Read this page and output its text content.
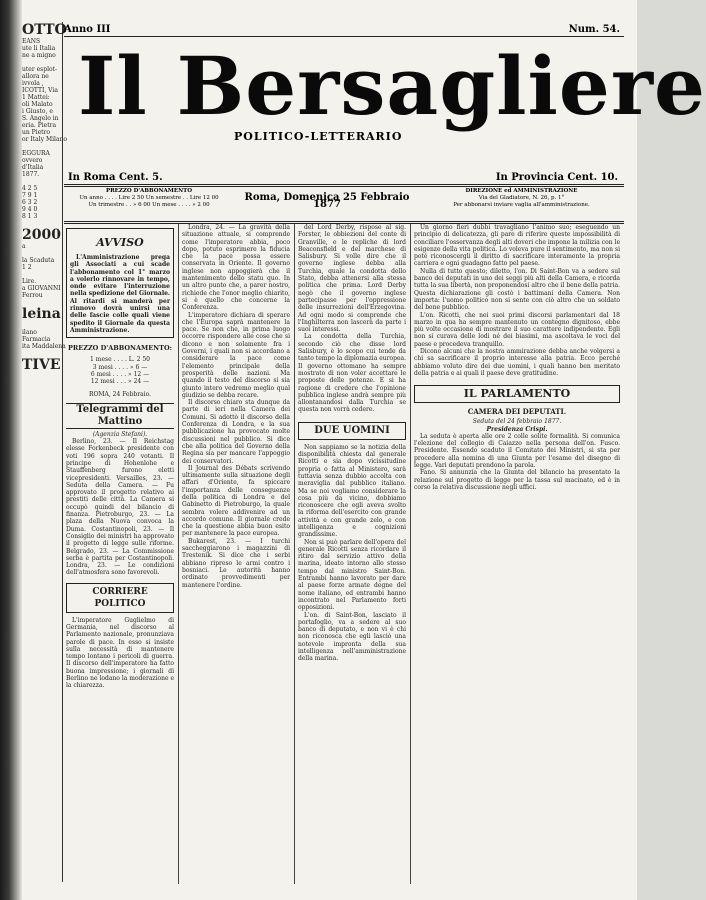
OTTO
EANS
ute li Italia
ne a migno

uter esplot-
allora ne
ivvola ,
ICOTTI, Via
1 Mattei:
oli Malato
i Giusto, e
S. Angelo in
eria. Pietra
un Pietro
or Italy Milano

EGGURA
ovvero
d'Italia
1877.

4 2 5
7 9 1
6 3 2
9 4 0
8 1 3

2000
a

la Scaduta
1 2

Lire.
a GIOVANNI
Ferrou

leina

ilano
Farmacia
ita Maddalena

TIVE
Anno III	Num. 54.
Il Bersagliere
POLITICO-LETTERARIO
In Roma Cent. 5.	In Provincia Cent. 10.
PREZZO D'ABBONAMENTO
Un anno . . . . Lire 2 50 Un semestre . . Lire 12 00
Un trimestre . . » 6 00 Un mese . . . . » 2 00
Roma, Domenica 25 Febbraio 1877
DIREZIONE ed AMMINISTRAZIONE
Via del Gladiatore, N. 26, p. 1°
Per abbonarsi inviare vaglia all'amministrazione.
AVVISO

L'Amministrazione prega gli Associati a cui scade l'abbonamento col 1° marzo a volerlo rinnovare in tempo, onde evitare l'interruzione nella spedizione del Giornale. Al ritardi si manderà per rinnovo dovrà unirsi una delle fascie colle quali viene spedito il Giornale da questa Amministrazione.

PREZZO D'ABBONAMENTO:
1 mese . . . . L. 2 50
3 mesi . . . . » 6 —
6 mesi . . . . » 12 —
12 mesi . . . » 24 —
ROMA, 24 Febbraio.
Telegrammi del Mattino
(Agenzia Stefani).

Berlino, 23. — Il Reichstag elesse Forkenbeck presidente con voti 196 sopra 240 votanti. Il principe di Hohenlohe e Stauffenberg furono eletti vicepresidenti. Versailles, 23. — Seduta della Camera. — Fu approvato il progetto relativo ai prestiti delle città. La Camera si occupò quindi del bilancio di finanza. Pietroburgo, 23. — La plaza della Nuova convoca la Duma. Costantinopoli, 23. — Il Consiglio dei ministri ha approvato il progetto di legge sulle riforme. Belgrado, 23. — La Commissione serba è partita per Costantinopoli. Londra, 23. — Le condizioni dell'atmosfera sono favorevoli.

CORRIERE POLITICO

L'imperatore Guglielmo di Germania, nel discorso al Parlamento nazionale, pronunziava parole di pace. In esso si insiste sulla necessità di mantenere tempo lontano i pericoli di guerra. Il discorso dell'imperatore ha fatto buona impressione; i giornali di Berlino ne lodano la moderazione e la chiarezza.

Londra, 24. — La gravità della situazione attuale, si comprende come l'imperatore abbia, poco dopo, potuto esprimere la fiducia che la pace possa essere conservata in Oriente. Il governo inglese non appoggierà che il mantenimento dello statu quo. In un altro punto che, a parer nostro, richiede che l'onor meglio chiarito, si è quello che concerne la Conferenza.

L'imperatore dichiara di sperare che l'Europa saprà mantenere la pace. Se non che, in prima luogo occorre rispondere alle cose che si dicono e non solamente fra i Governi, i quali non si accordano a considerare la pace come l'elemento principale della prosperità delle nazioni. Ma quando il testo del discorso si sia giunto intero vedremo meglio qual giudizio se debba recare.

Il discorso chiaro sta dunque da parte di ieri nella Camera dei Comuni. Si adottò il discorso della Conferenza di Londra, e la sua pubblicazione ha provocato molte discussioni nel pubblico. Si dice che alla politica del Governo della Regina sia per mancare l'appoggio dei conservatori.

Il Journal des Débats scrivendo ultimamente sulla situazione degli affari d'Oriente, fa spiccare l'importanza delle conseguenze della politica di Londra e del Gabinetto di Pietroburgo, la quale sembra volere addivenire ad un accordo comune. Il giornale crede che la questione abbia buon esito per mantenere la pace europea.

Bukarest, 23. — I turchi saccheggiarono i magazzini di Trestenik. Si dice che i serbi abbiano ripreso le armi contro i bosniaci. Le autorità hanno ordinato provvedimenti per mantenere l'ordine.

del Lord Derby, rispose al sig. Forster, le obbiezioni del conte di Granville, e le repliche di lord Beaconsfield e del marchese di Salisbury. Si volle dire che il governo inglese debba alla Turchia, quale la condotta dello Stato, debba attenersi alla stessa politica che prima. Lord Derby negò che il governo inglese partecipasse per l'oppressione delle insurrezioni dell'Erzegovina. Ad ogni modo si comprende che l'Inghilterra non lascerà da parte i suoi interessi.

La condotta della Turchia, secondo ciò che disse lord Salisbury, è lo scopo cui tende da tanto tempo la diplomazia europea. Il governo ottomano ha sempre mostrato di non voler accettare le proposte delle potenze. E si ha ragione di credere che l'opinione pubblica inglese andrà sempre più allontanandosi dalla Turchia se questa non vorrà cedere.

DUE UOMINI

Non sappiamo se la notizia della disponibilità chiesta dal generale Ricotti e sia dopo vicissitudine propria o fatta al Ministero, sarà tuttavia senza dubbio accolta con meraviglia dal pubblico italiano. Ma se noi vogliamo considerare la cosa più da vicino, dobbiamo riconoscere che egli aveva svolto la riforma dell'esercito con grande attività e con grande zelo, e con intelligenza e cognizioni grandissime.

Non si può parlare dell'opera del generale Ricotti senza ricordare il ritiro dal servizio attivo della marina, ideato intorno allo stesso tempo dal ministro Saint-Bon. Entrambi hanno lavorato per dare al paese forze armate degne del nome italiano, ed entrambi hanno incontrato nel Parlamento forti opposizioni.

L'on. di Saint-Bon, lasciato il portafoglio, va a sedere al suo banco di deputato, e non vi è chi non riconosca che egli lasciò una notevole impronta della sua intelligenza nell'amministrazione della marina.

Un giorno fieri dubbi travagliano l'animo suo; eseguendo un principio di delicatezza, gli pare di riferire queste impossibilità di conciliare l'osservanza degli alti doveri che impone la milizia con le esigenze della vita politica. Lo voleva pure il sentimento, ma non si poté riconoscergli il diritto di sacrificare interamente la propria carriera e ogni guadagno fatto pel paese.

Nulla di tutto questo; diletto, l'on. Di Saint-Bon va a sedere sul banco dei deputati in uno dei seggi più alti della Camera, e ricorda tutta la sua libertà, non proponendosi altro che il bene della patria. Questa dichiarazione gli costò i battimani della Camera. Non importa: l'uomo politico non si sente con ciò altro che un soldato del bene pubblico.

L'on. Ricotti, che nei suoi primi discorsi parlamentari dal 18 marzo in qua ha sempre mantenuto un contegno dignitoso, ebbe più volte occasione di mostrare il suo carattere indipendente. Egli non si curava delle lodi né dei biasimi, ma ascoltava le voci del paese e procedeva tranquillo.

Dicono alcuni che la nostra ammirazione debba anche volgersi a chi sa sacrificare il proprio interesse alla patria. Ecco perché abbiamo voluto dire dei due uomini, i quali hanno ben meritato della patria e ai quali il paese deve gratitudine.

IL PARLAMENTO
CAMERA DEI DEPUTATI.
Seduta del 24 febbraio 1877.
Presidenza Crispi.

La seduta è aperta alle ore 2 colle solite formalità. Si comunica l'elezione del collegio di Caiazzo nella persona dell'on. Fusco. Presidente. Essendo scaduto il Comitato dei Ministri, si sta per procedere alla nomina di una Giunta per l'esame del disegno di legge. Vari deputati prendono la parola.

Fano. Si annunzia che la Giunta del bilancio ha presentato la relazione sul progetto di legge per la tassa sul macinato, ed è in corso la relativa discussione negli uffici.
